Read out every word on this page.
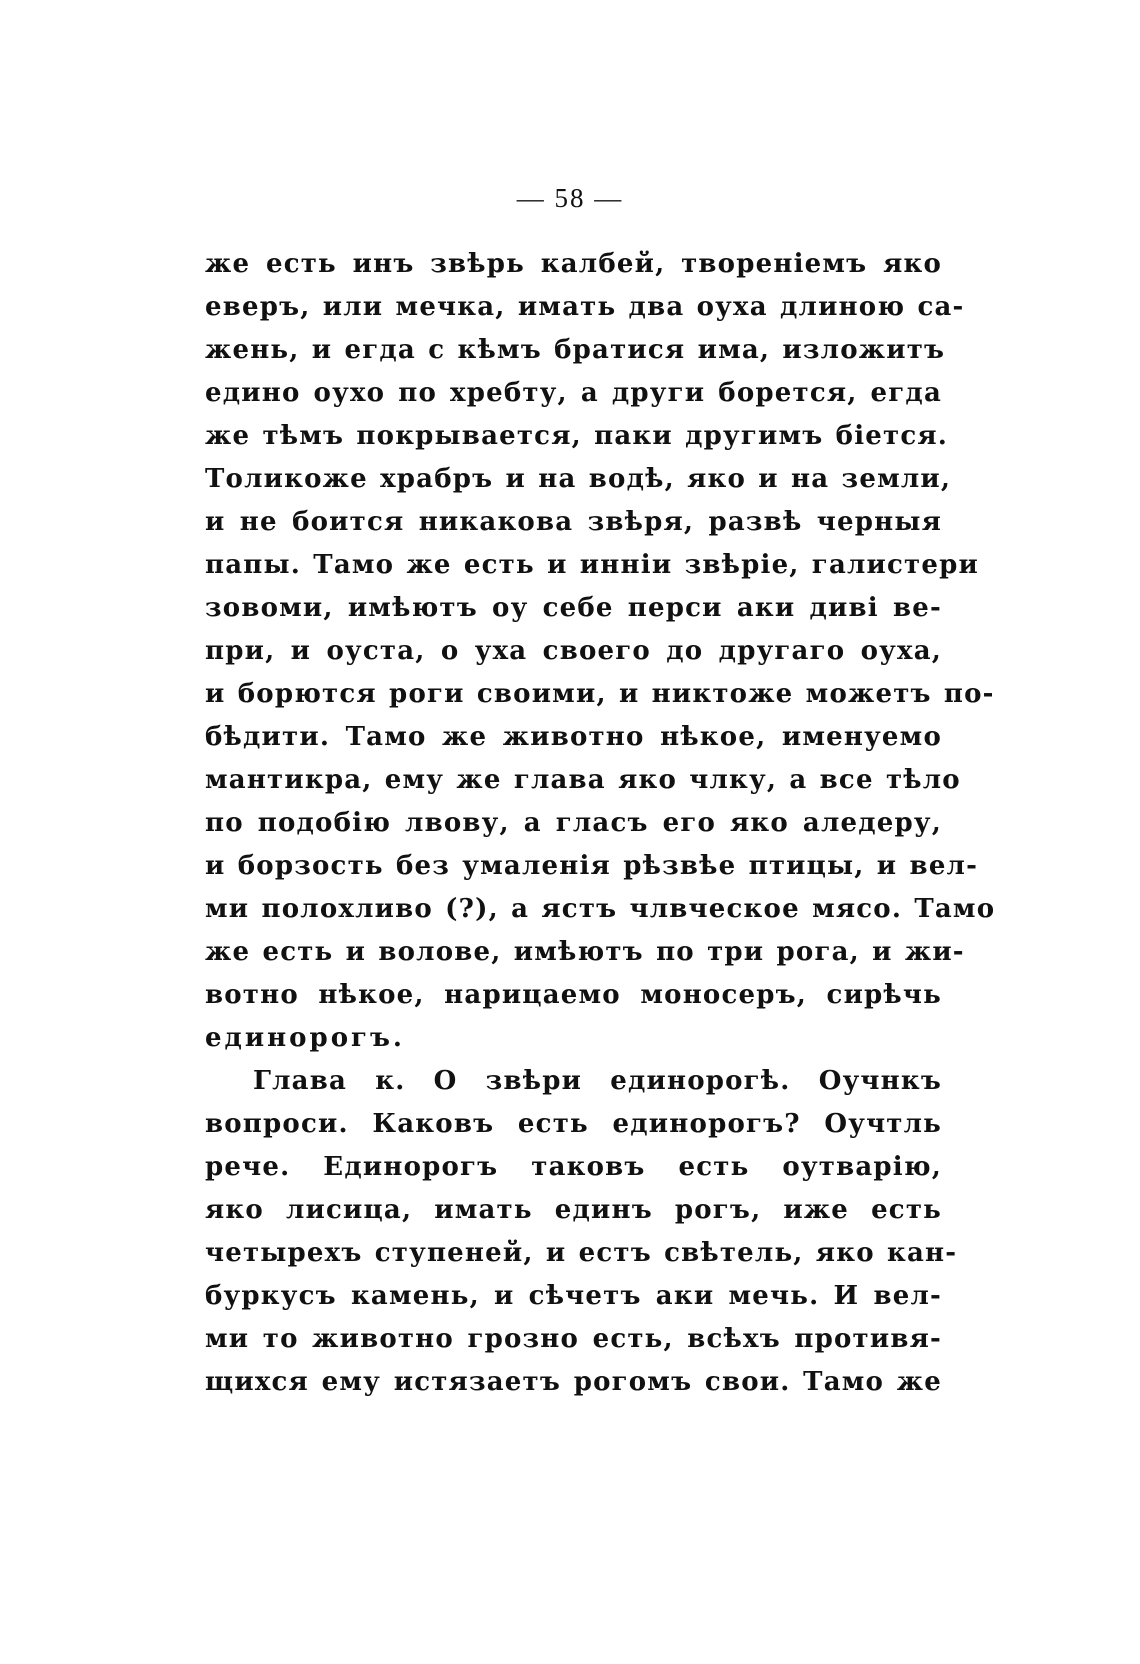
— 58 —
же есть инъ звѣрь калбей, твореніемъ яко
еверъ, или мечка, имать два оуха длиною са-
жень, и егда с кѣмъ братися има, изложитъ
едино оухо по хребту, а други борется, егда
же тѣмъ покрывается, паки другимъ біется.
Толикоже храбръ и на водѣ, яко и на земли,
и не боится никакова звѣря, развѣ черныя
папы. Тамо же есть и инніи звѣріе, галистери
зовоми, имѣютъ оу себе перси аки диві ве-
при, и оуста, о уха своего до другаго оуха,
и борются роги своими, и никтоже можетъ по-
бѣдити. Тамо же животно нѣкое, именуемо
мантикра, ему же глава яко члку, а все тѣло
по подобію лвову, а гласъ его яко аледеру,
и борзость без умаленія рѣзвѣе птицы, и вел-
ми полохливо (?), а ястъ члвческое мясо. Тамо
же есть и волове, имѣютъ по три рога, и жи-
вотно нѣкое, нарицаемо моносеръ, сирѣчь
единорогъ.
Глава к. О звѣри единорогѣ. Оучнкъ
вопроси. Каковъ есть единорогъ? Оучтль
рече. Единорогъ таковъ есть оутварію,
яко лисица, имать единъ рогъ, иже есть
четырехъ ступеней, и естъ свѣтель, яко кан-
буркусъ камень, и сѣчетъ аки мечь. И вел-
ми то животно грозно есть, всѣхъ противя-
щихся ему истязаетъ рогомъ свои. Тамо же
